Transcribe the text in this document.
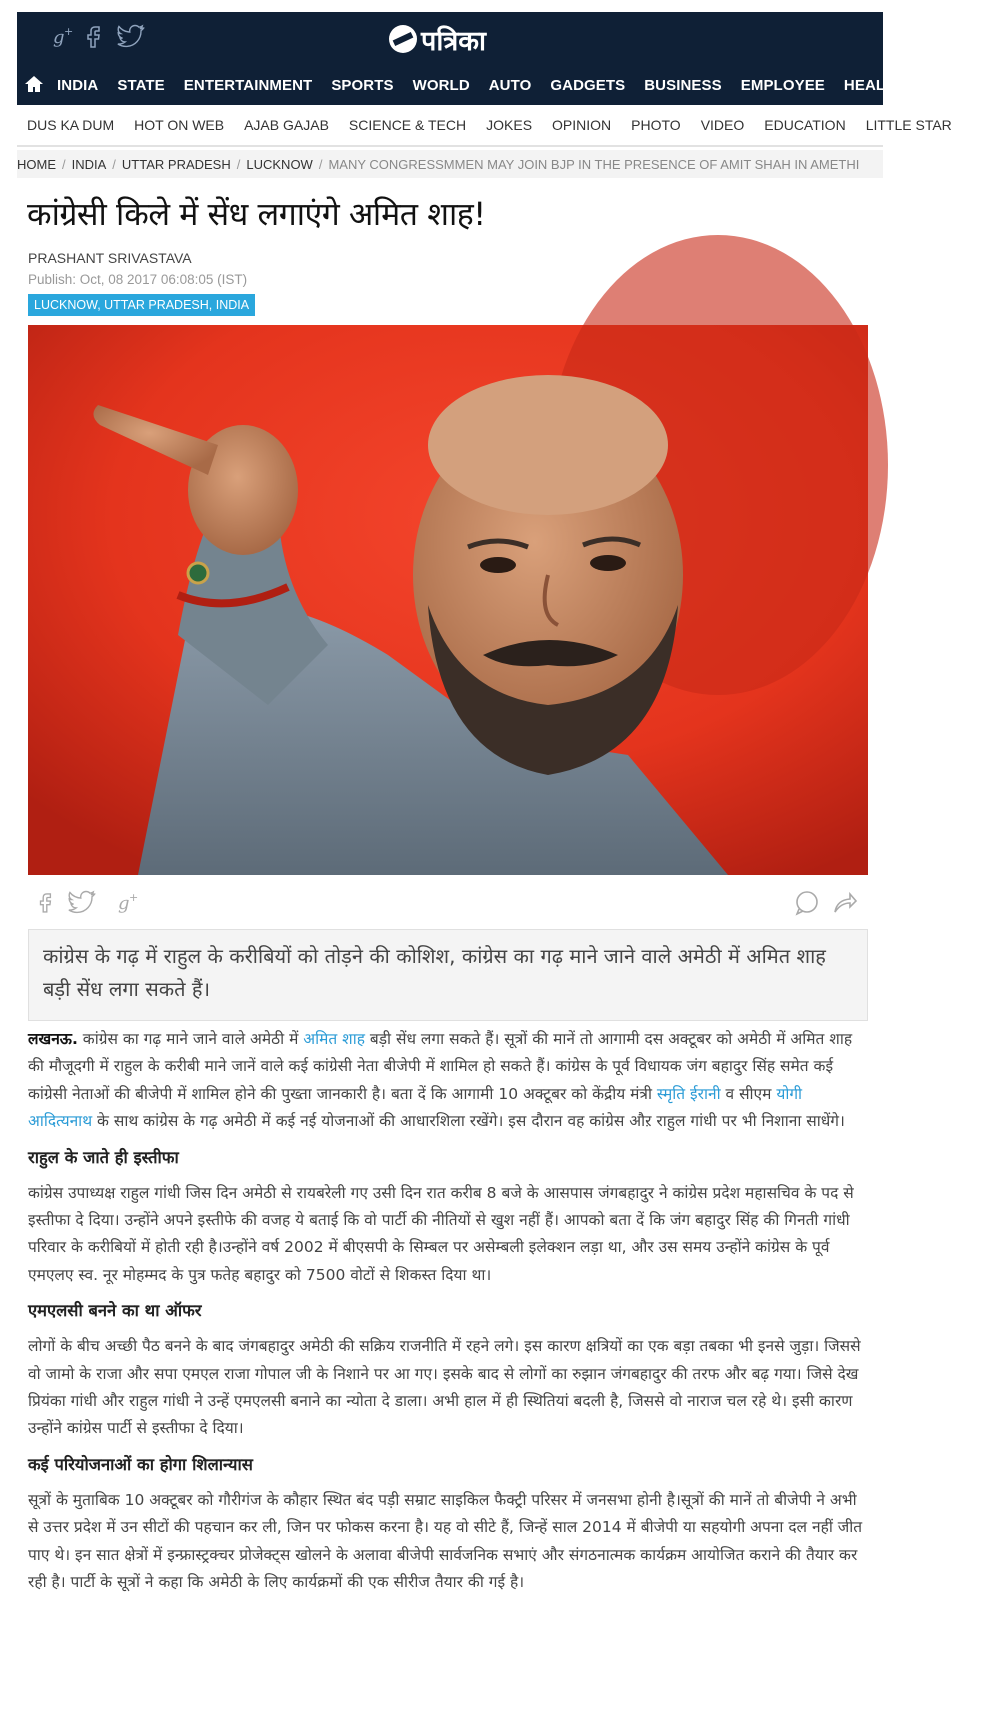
g +	पत्रिका
INDIA STATE ENTERTAINMENT SPORTS WORLD AUTO GADGETS BUSINESS EMPLOYEE HEALTH ASTRO
DUS KA DUM HOT ON WEB AJAB GAJAB SCIENCE & TECH JOKES OPINION PHOTO VIDEO EDUCATION LITTLE STAR
HOME / INDIA / UTTAR PRADESH / LUCKNOW / MANY CONGRESSMMEN MAY JOIN BJP IN THE PRESENCE OF AMIT SHAH IN AMETHI
कांग्रेसी किले में सेंध लगाएंगे अमित शाह!
PRASHANT SRIVASTAVA
Publish: Oct, 08 2017 06:08:05 (IST)
LUCKNOW, UTTAR PRADESH, INDIA
g +

कांग्रेस के गढ़ में राहुल के करीबियों को तोड़ने की कोशिश, कांग्रेस का गढ़ माने जाने वाले अमेठी में अमित शाह बड़ी सेंध लगा सकते हैं।

लखनऊ. कांग्रेस का गढ़ माने जाने वाले अमेठी में अमित शाह बड़ी सेंध लगा सकते हैं। सूत्रों की मानें तो आगामी दस अक्टूबर को अमेठी में अमित शाह की मौजूदगी में राहुल के करीबी माने जानें वाले कई कांग्रेसी नेता बीजेपी में शामिल हो सकते हैं। कांग्रेस के पूर्व विधायक जंग बहादुर सिंह समेत कई कांग्रेसी नेताओं की बीजेपी में शामिल होने की पुख्ता जानकारी है। बता दें कि आगामी 10 अक्टूबर को केंद्रीय मंत्री स्मृति ईरानी व सीएम योगी आदित्यनाथ के साथ कांग्रेस के गढ़ अमेठी में कई नई योजनाओं की आधारशिला रखेंगे। इस दौरान वह कांग्रेस औऱ राहुल गांधी पर भी निशाना साधेंगे।

राहुल के जाते ही इस्तीफा

कांग्रेस उपाध्यक्ष राहुल गांधी जिस दिन अमेठी से रायबरेली गए उसी दिन रात करीब 8 बजे के आसपास जंगबहादुर ने कांग्रेस प्रदेश महासचिव के पद से इस्तीफा दे दिया। उन्होंने अपने इस्तीफे की वजह ये बताई कि वो पार्टी की नीतियों से खुश नहीं हैं। आपको बता दें कि जंग बहादुर सिंह की गिनती गांधी परिवार के करीबियों में होती रही है।उन्होंने वर्ष 2002 में बीएसपी के सिम्बल पर असेम्बली इलेक्शन लड़ा था, और उस समय उन्होंने कांग्रेस के पूर्व एमएलए स्व. नूर मोहम्मद के पुत्र फतेह बहादुर को 7500 वोटों से शिकस्त दिया था।

एमएलसी बनने का था ऑफर

लोगों के बीच अच्छी पैठ बनने के बाद जंगबहादुर अमेठी की सक्रिय राजनीति में रहने लगे। इस कारण क्षत्रियों का एक बड़ा तबका भी इनसे जुड़ा। जिससे वो जामो के राजा और सपा एमएल राजा गोपाल जी के निशाने पर आ गए। इसके बाद से लोगों का रुझान जंगबहादुर की तरफ और बढ़ गया। जिसे देख प्रियंका गांधी और राहुल गांधी ने उन्हें एमएलसी बनाने का न्योता दे डाला। अभी हाल में ही स्थितियां बदली है, जिससे वो नाराज चल रहे थे। इसी कारण उन्होंने कांग्रेस पार्टी से इस्तीफा दे दिया।

कई परियोजनाओं का होगा शिलान्यास

सूत्रों के मुताबिक 10 अक्टूबर को गौरीगंज के कौहार स्थित बंद पड़ी सम्राट साइकिल फैक्ट्री परिसर में जनसभा होनी है।सूत्रों की मानें तो बीजेपी ने अभी से उत्तर प्रदेश में उन सीटों की पहचान कर ली, जिन पर फोकस करना है। यह वो सीटे हैं, जिन्हें साल 2014 में बीजेपी या सहयोगी अपना दल नहीं जीत पाए थे। इन सात क्षेत्रों में इन्फ्रास्ट्रक्चर प्रोजेक्ट्स खोलने के अलावा बीजेपी सार्वजनिक सभाएं और संगठनात्मक कार्यक्रम आयोजित कराने की तैयार कर रही है। पार्टी के सूत्रों ने कहा कि अमेठी के लिए कार्यक्रमों की एक सीरीज तैयार की गई है।
